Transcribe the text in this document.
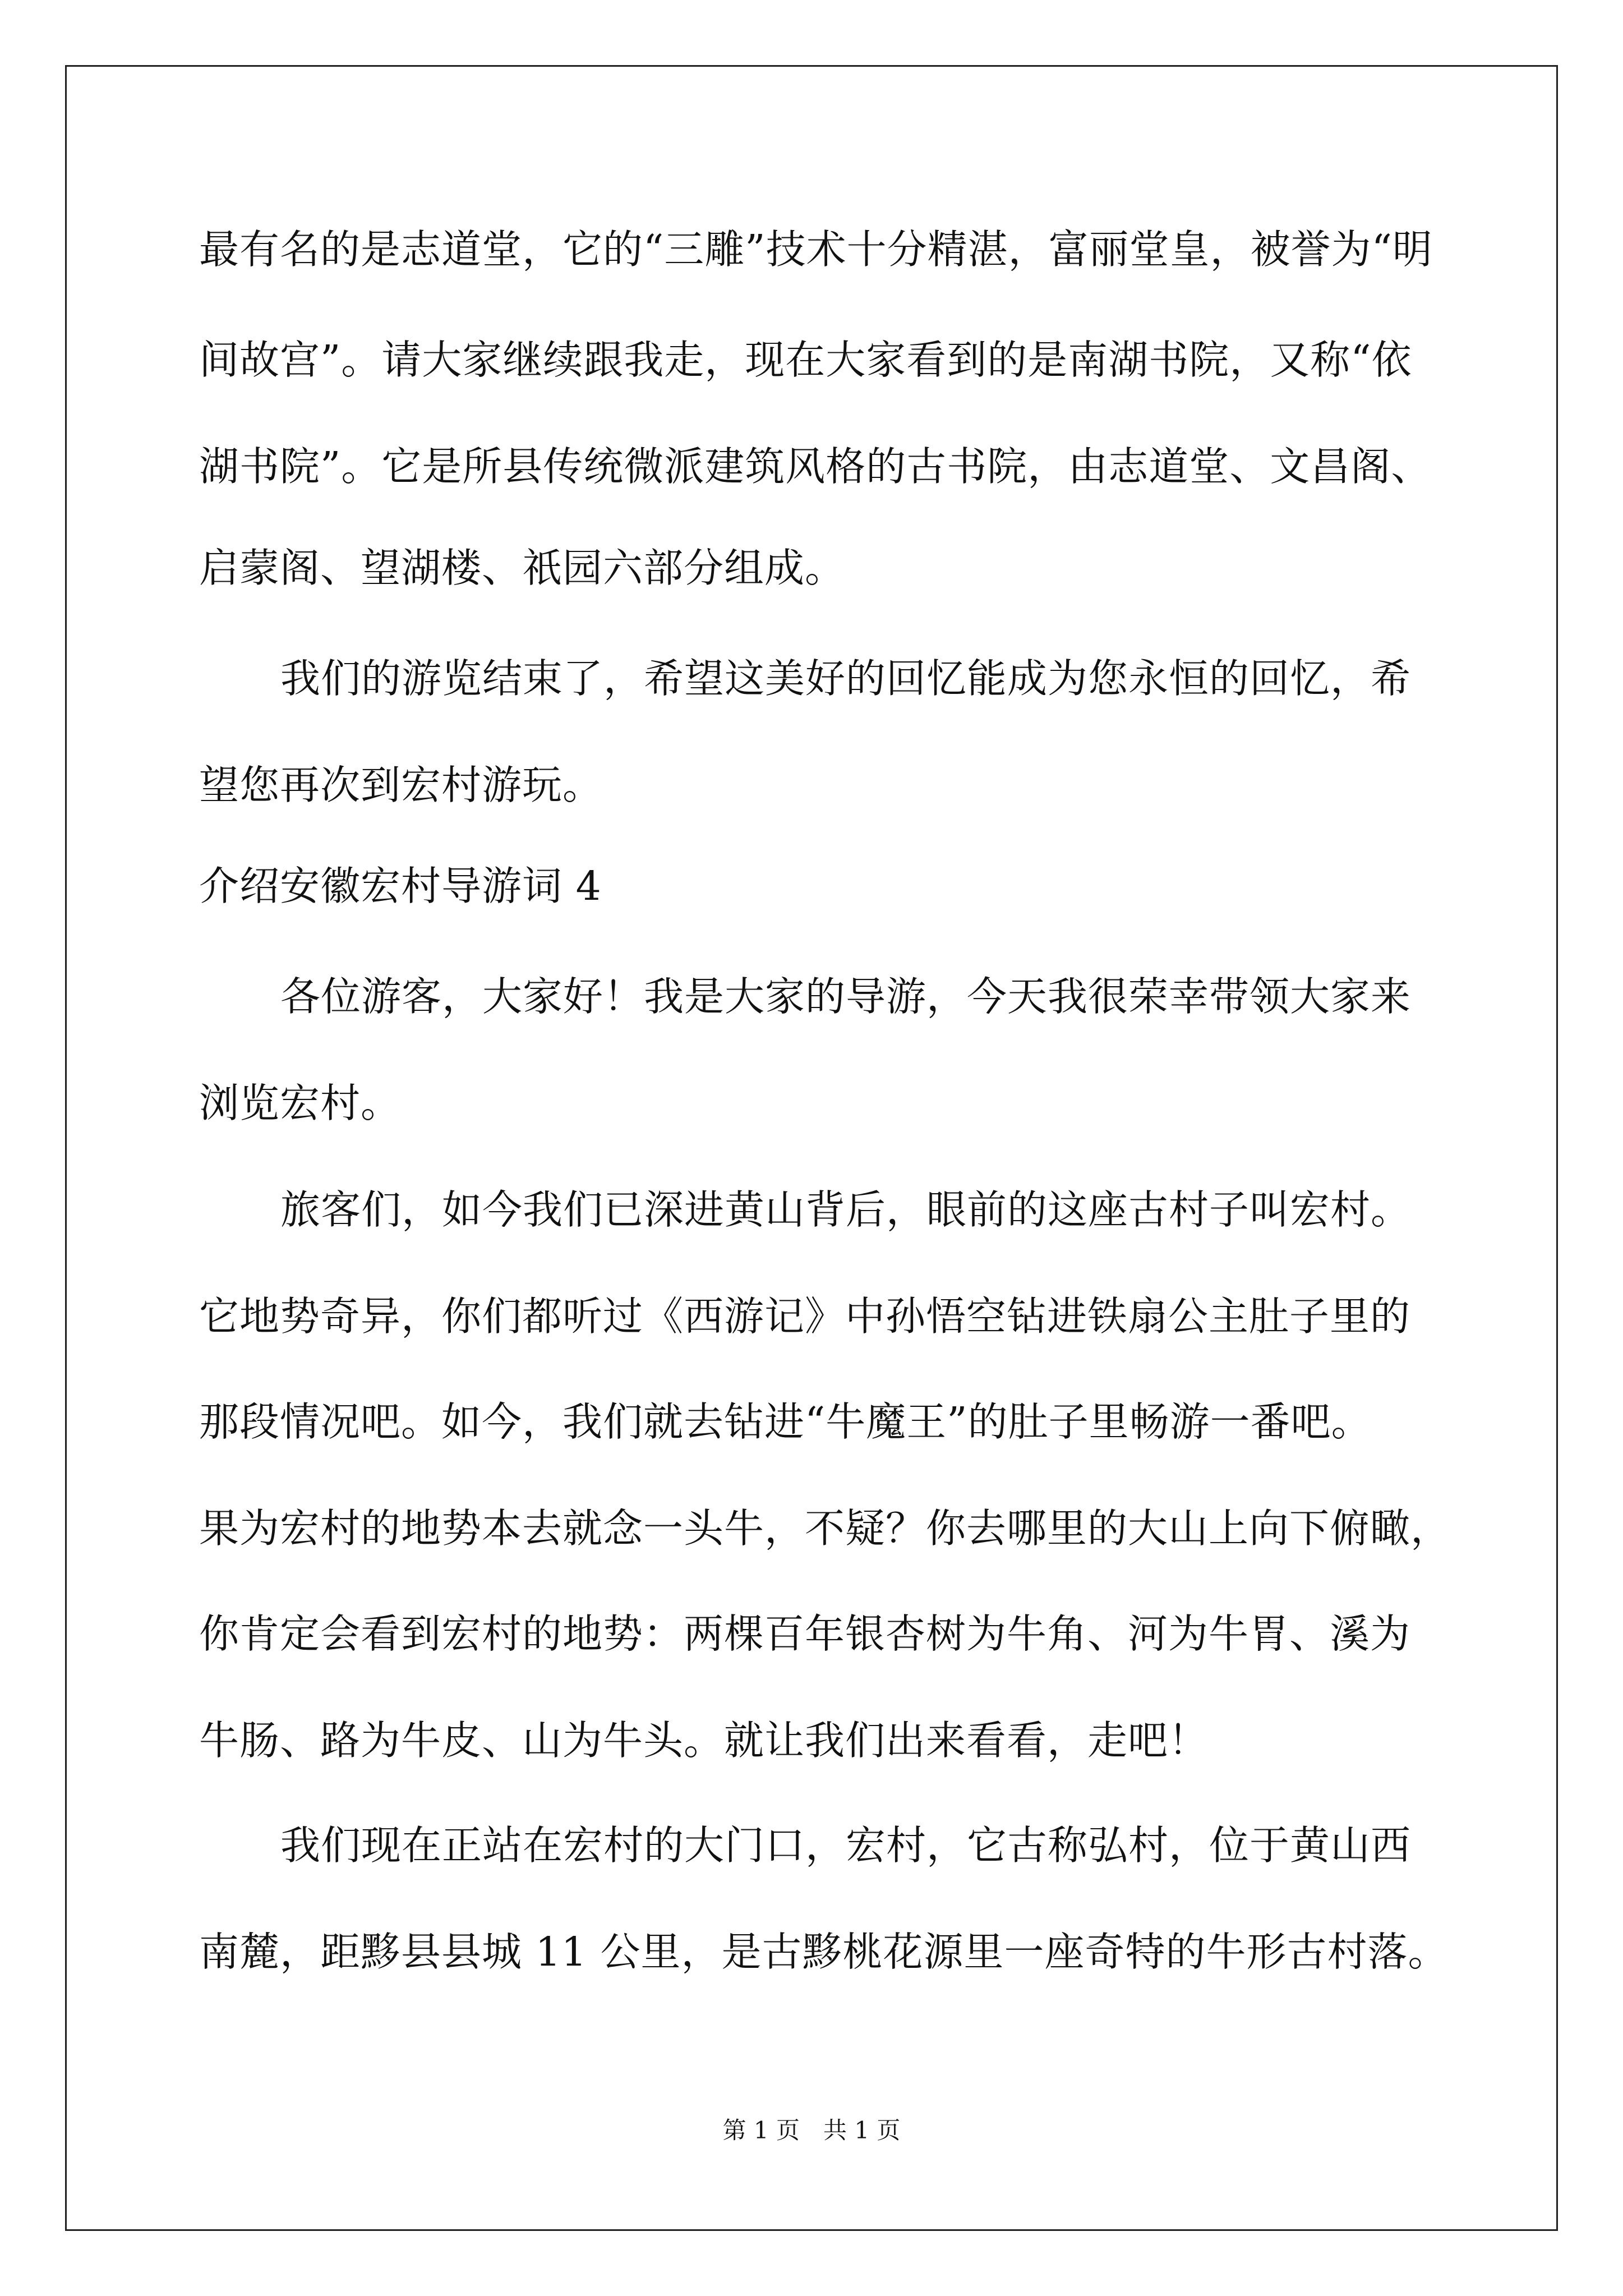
最有名的是志道堂，它的“三雕”技术十分精湛，富丽堂皇，被誉为“明
间故宫”。请大家继续跟我走，现在大家看到的是南湖书院，又称“依
湖书院”。它是所县传统微派建筑风格的古书院，由志道堂、文昌阁、
启蒙阁、望湖楼、祇园六部分组成。
我们的游览结束了，希望这美好的回忆能成为您永恒的回忆，希
望您再次到宏村游玩。
介绍安徽宏村导游词 4
各位游客，大家好！我是大家的导游，今天我很荣幸带领大家来
浏览宏村。
旅客们，如今我们已深进黄山背后，眼前的这座古村子叫宏村。
它地势奇异，你们都听过《西游记》中孙悟空钻进铁扇公主肚子里的
那段情况吧。如今，我们就去钻进“牛魔王”的肚子里畅游一番吧。
果为宏村的地势本去就念一头牛，不疑？你去哪里的大山上向下俯瞰，
你肯定会看到宏村的地势：两棵百年银杏树为牛角、河为牛胃、溪为
牛肠、路为牛皮、山为牛头。就让我们出来看看，走吧！
我们现在正站在宏村的大门口，宏村，它古称弘村，位于黄山西
南麓，距黟县县城 11 公里，是古黟桃花源里一座奇特的牛形古村落。
第 1 页　共 1 页
